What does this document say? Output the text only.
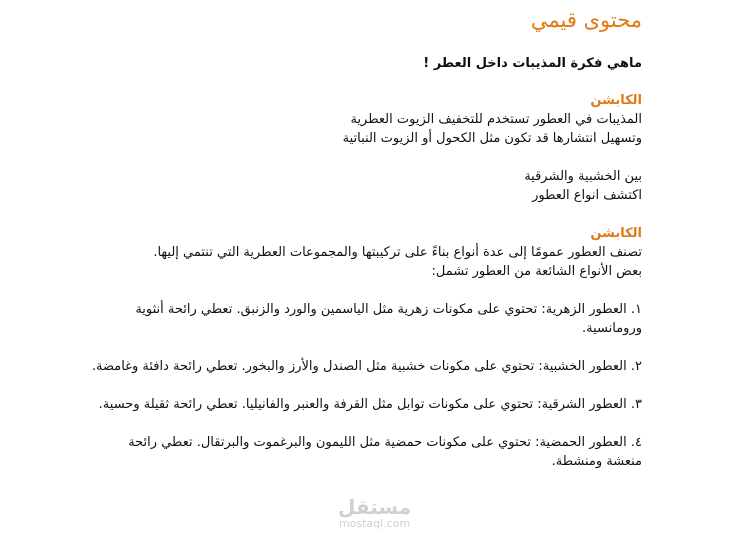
محتوى قيمي

ماهي فكرة المذيبات داخل العطر !

الكابشن

المذيبات في العطور تستخدم للتخفيف الزيوت العطرية

وتسهيل انتشارها قد تكون مثل الكحول أو الزيوت النباتية

بين الخشبية والشرقية

اكتشف انواع العطور

الكابشن

تصنف العطور عمومًا إلى عدة أنواع بناءً على تركيبتها والمجموعات العطرية التي تنتمي إليها.

بعض الأنواع الشائعة من العطور تشمل:

١. العطور الزهرية: تحتوي على مكونات زهرية مثل الياسمين والورد والزنبق. تعطي رائحة أنثوية ورومانسية.

٢. العطور الخشبية: تحتوي على مكونات خشبية مثل الصندل والأرز والبخور. تعطي رائحة دافئة وغامضة.

٣. العطور الشرقية: تحتوي على مكونات توابل مثل القرفة والعنبر والفانيليا. تعطي رائحة ثقيلة وحسية.

٤. العطور الحمضية: تحتوي على مكونات حمضية مثل الليمون والبرغموت والبرتقال. تعطي رائحة منعشة ومنشطة.

مستقل
mostaql.com
